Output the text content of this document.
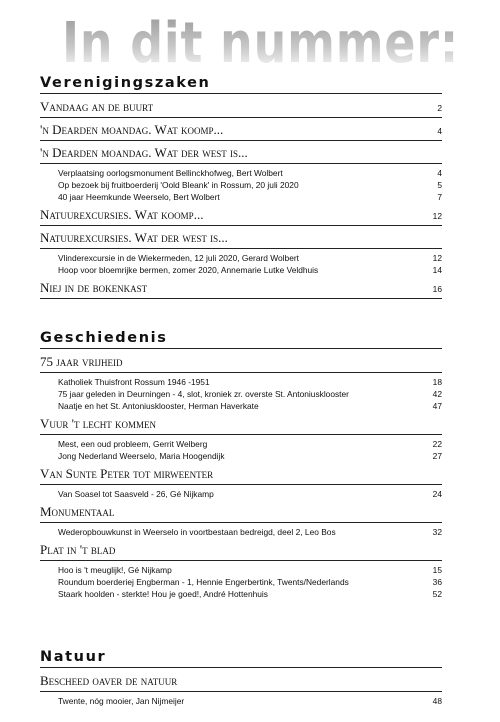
In dit nummer:
Verenigingszaken
Vandaag an de buurt	2
'n Dearden moandag. Wat koomp...	4
'n Dearden moandag. Wat der west is...
Verplaatsing oorlogsmonument Bellinckhofweg, Bert Wolbert	4
Op bezoek bij fruitboerderij 'Oold Bleank' in Rossum, 20 juli 2020	5
40 jaar Heemkunde Weerselo, Bert Wolbert	7
Natuurexcursies. Wat koomp...	12
Natuurexcursies. Wat der west is...
Vlinderexcursie in de Wiekermeden, 12 juli 2020, Gerard Wolbert	12
Hoop voor bloemrijke bermen, zomer 2020, Annemarie Lutke Veldhuis	14
Niej in de bokenkast	16
Geschiedenis
75 jaar vrijheid
Katholiek Thuisfront Rossum 1946 -1951	18
75 jaar geleden in Deurningen - 4, slot, kroniek zr. overste St. Antoniusklooster	42
Naatje en het St. Antoniusklooster, Herman Haverkate	47
Vuur 't lecht kommen
Mest, een oud probleem, Gerrit Welberg	22
Jong Nederland Weerselo, Maria Hoogendijk	27
Van Sunte Peter tot mirweenter
Van Soasel tot Saasveld - 26, Gé Nijkamp	24
Monumentaal
Wederopbouwkunst in Weerselo in voortbestaan bedreigd, deel 2, Leo Bos	32
Plat in 't blad
Hoo is 't meuglijk!, Gé Nijkamp	15
Roundum boerderiej Engberman - 1, Hennie Engerbertink, Twents/Nederlands	36
Staark hoolden - sterkte! Hou je goed!, André Hottenhuis	52
Natuur
Bescheed oaver de natuur
Twente, nóg mooier, Jan Nijmeijer	48
